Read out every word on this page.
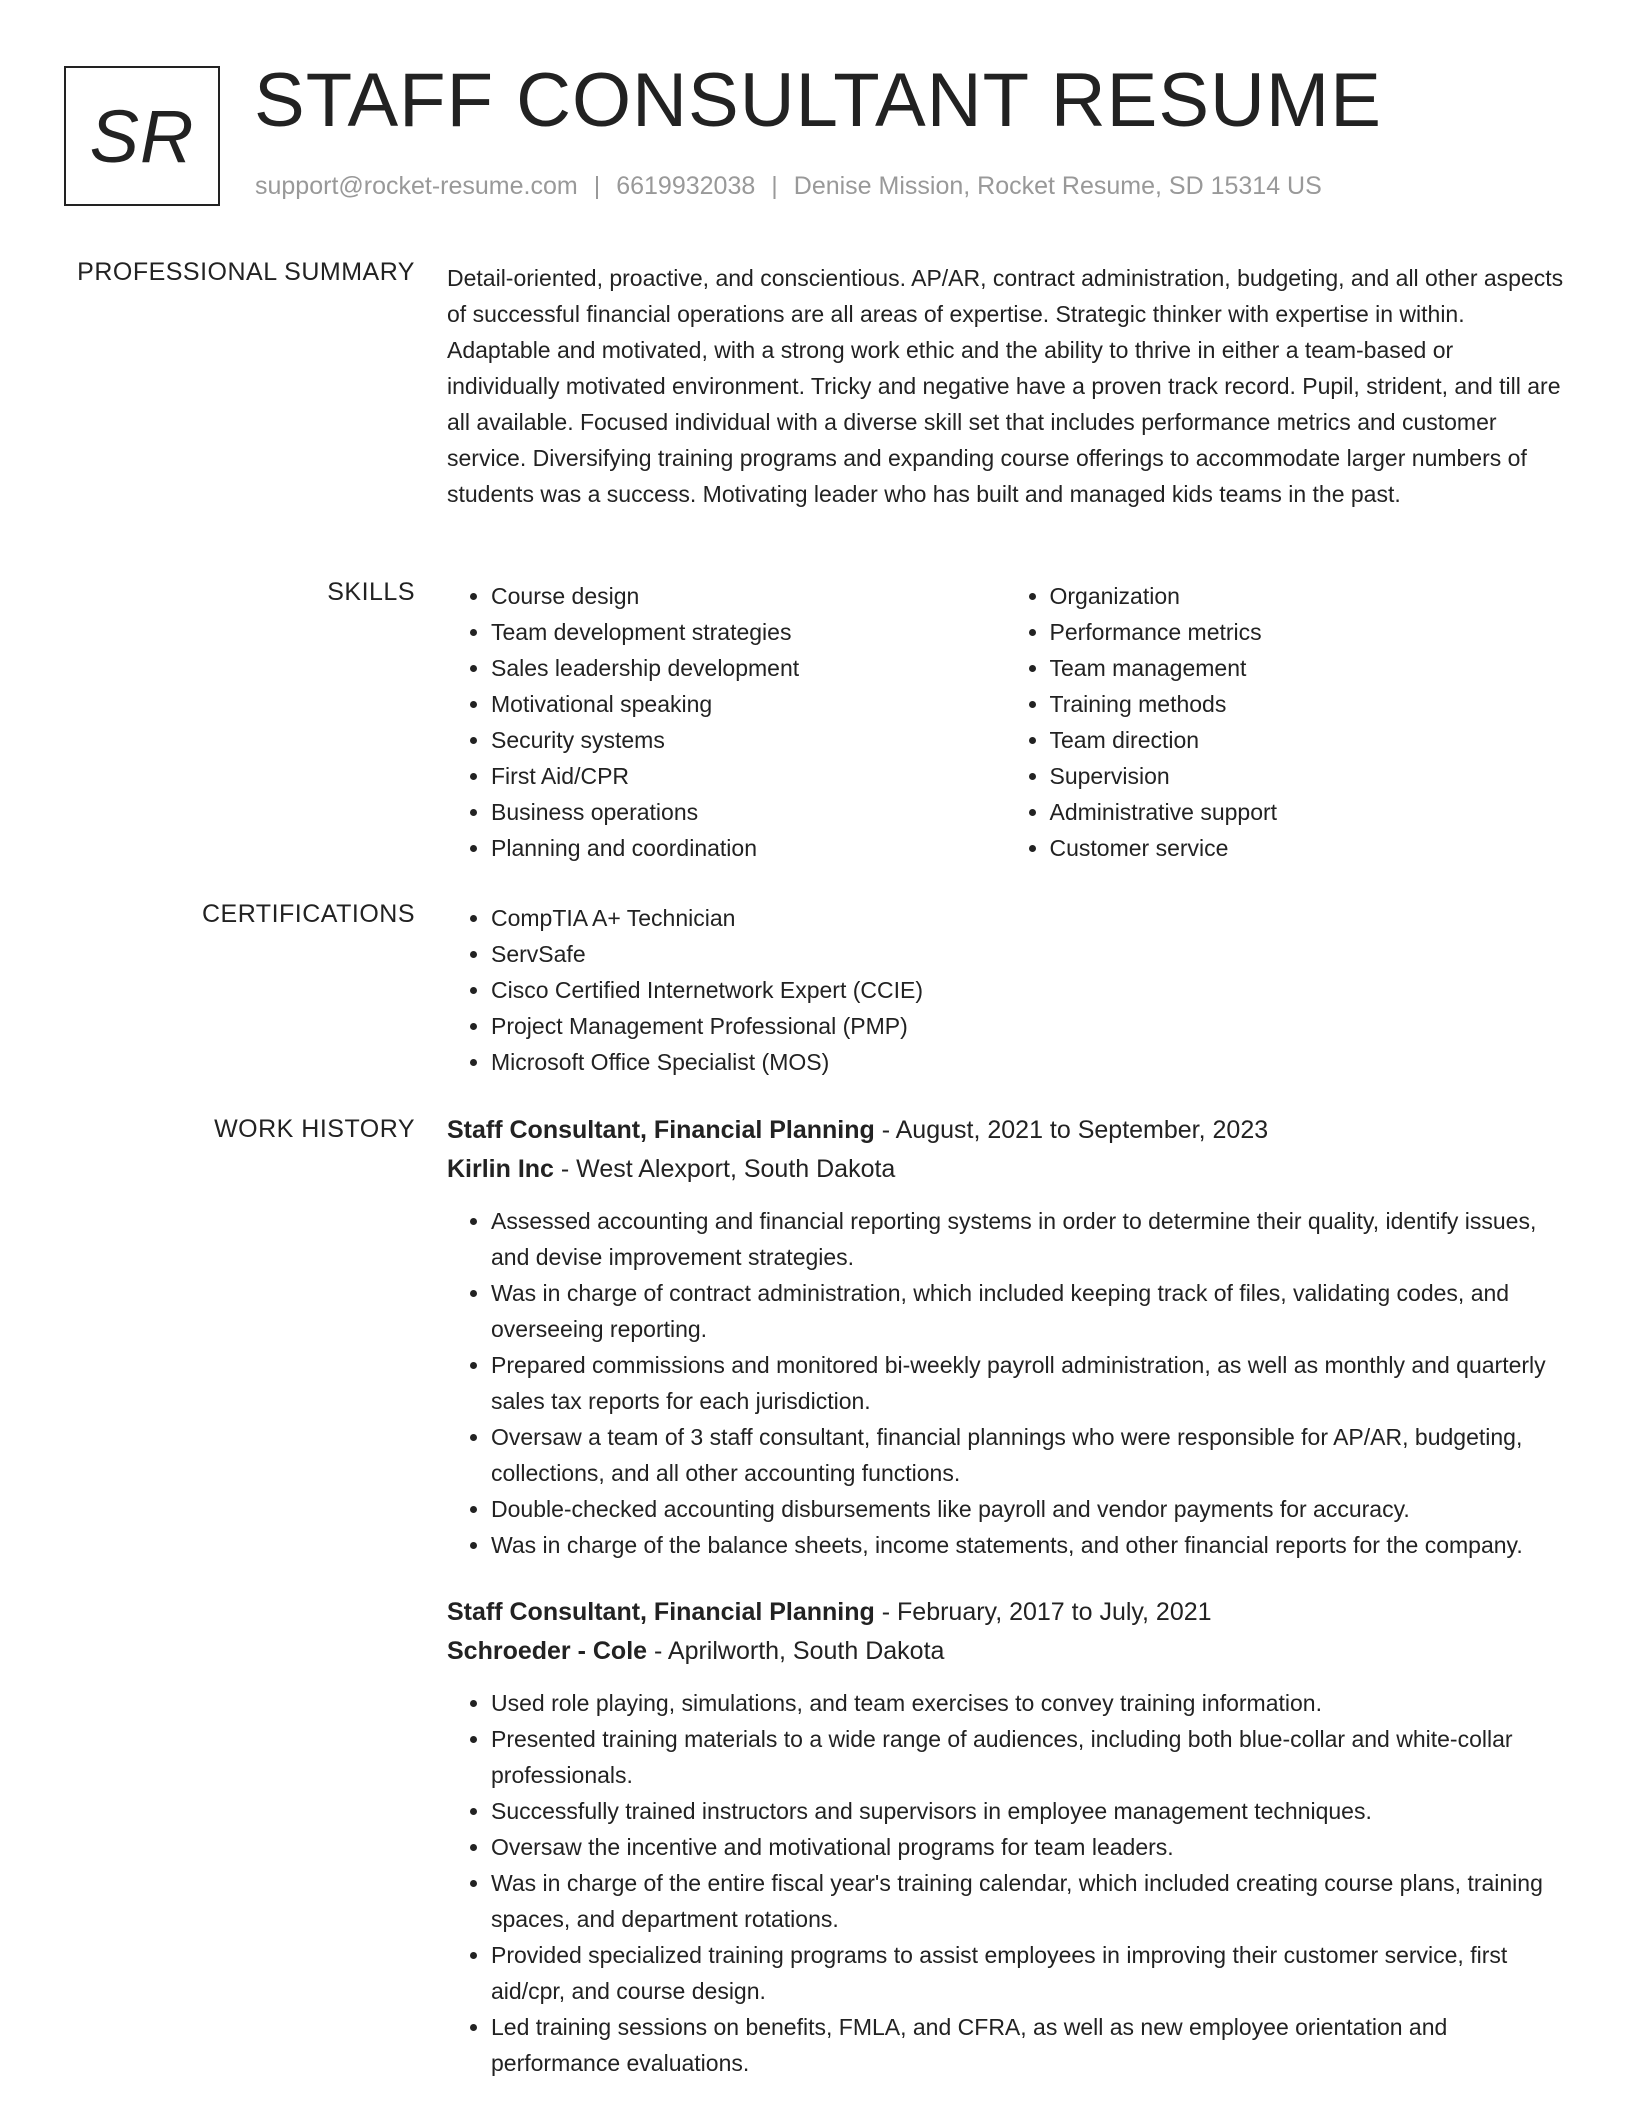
SR STAFF CONSULTANT RESUME
support@rocket-resume.com | 6619932038 | Denise Mission, Rocket Resume, SD 15314 US
PROFESSIONAL SUMMARY Detail-oriented, proactive, and conscientious. AP/AR, contract administration, budgeting, and all other aspects of successful financial operations are all areas of expertise. Strategic thinker with expertise in within. Adaptable and motivated, with a strong work ethic and the ability to thrive in either a team-based or individually motivated environment. Tricky and negative have a proven track record. Pupil, strident, and till are all available. Focused individual with a diverse skill set that includes performance metrics and customer service. Diversifying training programs and expanding course offerings to accommodate larger numbers of students was a success. Motivating leader who has built and managed kids teams in the past.

SKILLS	• Course design
• Team development strategies
• Sales leadership development
• Motivational speaking
• Security systems
• First Aid/CPR
• Business operations
• Planning and coordination
• Organization
• Performance metrics
• Team management
• Training methods
• Team direction
• Supervision
• Administrative support
• Customer service
CERTIFICATIONS	• CompTIA A+ Technician
• ServSafe
• Cisco Certified Internetwork Expert (CCIE)
• Project Management Professional (PMP)
• Microsoft Office Specialist (MOS)
WORK HISTORY Staff Consultant, Financial Planning - August, 2021 to September, 2023
Kirlin Inc - West Alexport, South Dakota
• Assessed accounting and financial reporting systems in order to determine their quality, identify issues, and devise improvement strategies.
• Was in charge of contract administration, which included keeping track of files, validating codes, and overseeing reporting.
• Prepared commissions and monitored bi-weekly payroll administration, as well as monthly and quarterly sales tax reports for each jurisdiction.
• Oversaw a team of 3 staff consultant, financial plannings who were responsible for AP/AR, budgeting, collections, and all other accounting functions.
• Double-checked accounting disbursements like payroll and vendor payments for accuracy.
• Was in charge of the balance sheets, income statements, and other financial reports for the company.
Staff Consultant, Financial Planning - February, 2017 to July, 2021
Schroeder - Cole - Aprilworth, South Dakota
• Used role playing, simulations, and team exercises to convey training information.
• Presented training materials to a wide range of audiences, including both blue-collar and white-collar professionals.
• Successfully trained instructors and supervisors in employee management techniques.
• Oversaw the incentive and motivational programs for team leaders.
• Was in charge of the entire fiscal year's training calendar, which included creating course plans, training spaces, and department rotations.
• Provided specialized training programs to assist employees in improving their customer service, first aid/cpr, and course design.
• Led training sessions on benefits, FMLA, and CFRA, as well as new employee orientation and performance evaluations.
